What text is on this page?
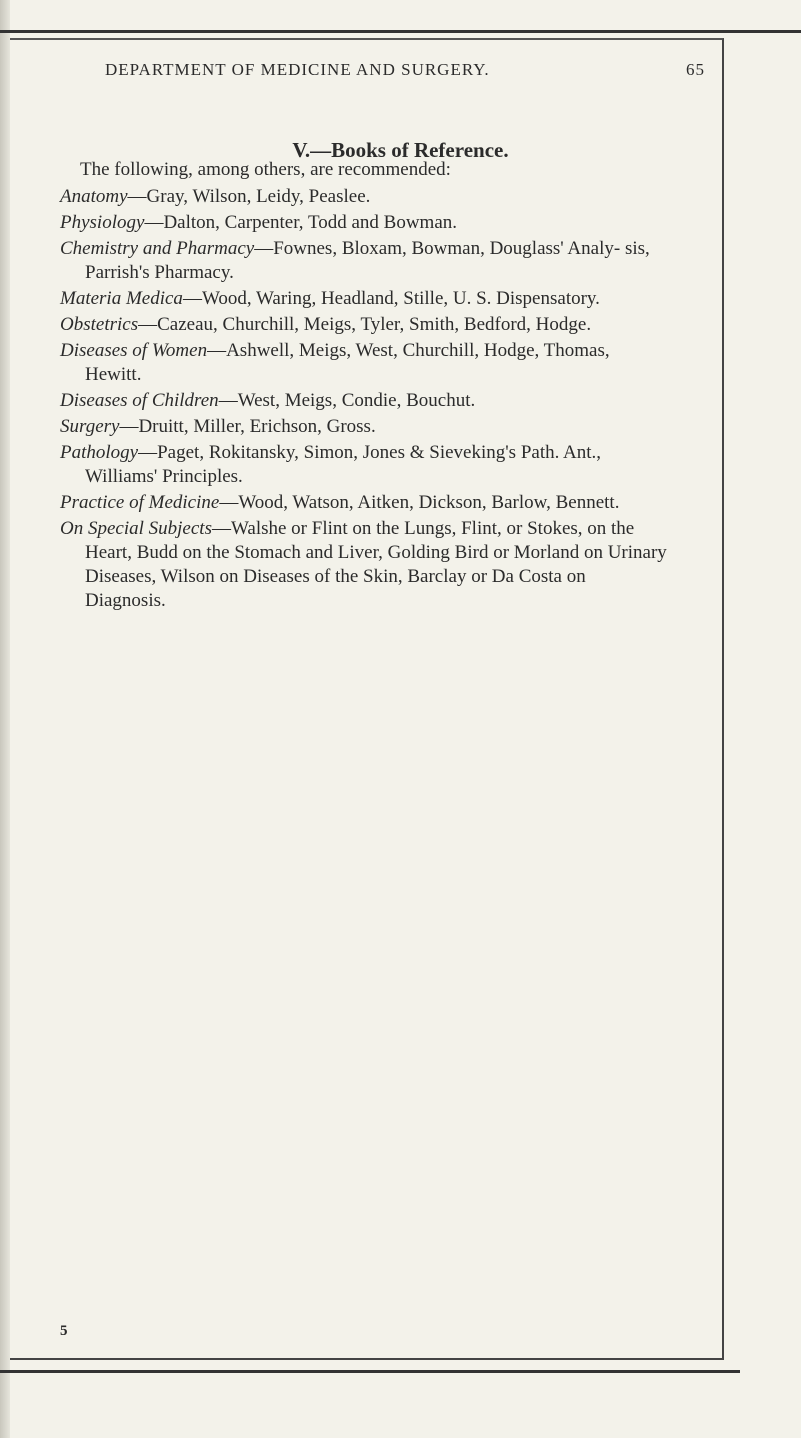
DEPARTMENT OF MEDICINE AND SURGERY.	65
V.—Books of Reference.

The following, among others, are recommended:

Anatomy—Gray, Wilson, Leidy, Peaslee.

Physiology—Dalton, Carpenter, Todd and Bowman.

Chemistry and Pharmacy—Fownes, Bloxam, Bowman, Douglass' Analy- sis, Parrish's Pharmacy.

Materia Medica—Wood, Waring, Headland, Stille, U. S. Dispensatory.

Obstetrics—Cazeau, Churchill, Meigs, Tyler, Smith, Bedford, Hodge.

Diseases of Women—Ashwell, Meigs, West, Churchill, Hodge, Thomas, Hewitt.

Diseases of Children—West, Meigs, Condie, Bouchut.

Surgery—Druitt, Miller, Erichson, Gross.

Pathology—Paget, Rokitansky, Simon, Jones & Sieveking's Path. Ant., Williams' Principles.

Practice of Medicine—Wood, Watson, Aitken, Dickson, Barlow, Bennett.

On Special Subjects—Walshe or Flint on the Lungs, Flint, or Stokes, on the Heart, Budd on the Stomach and Liver, Golding Bird or Morland on Urinary Diseases, Wilson on Diseases of the Skin, Barclay or Da Costa on Diagnosis.

5
